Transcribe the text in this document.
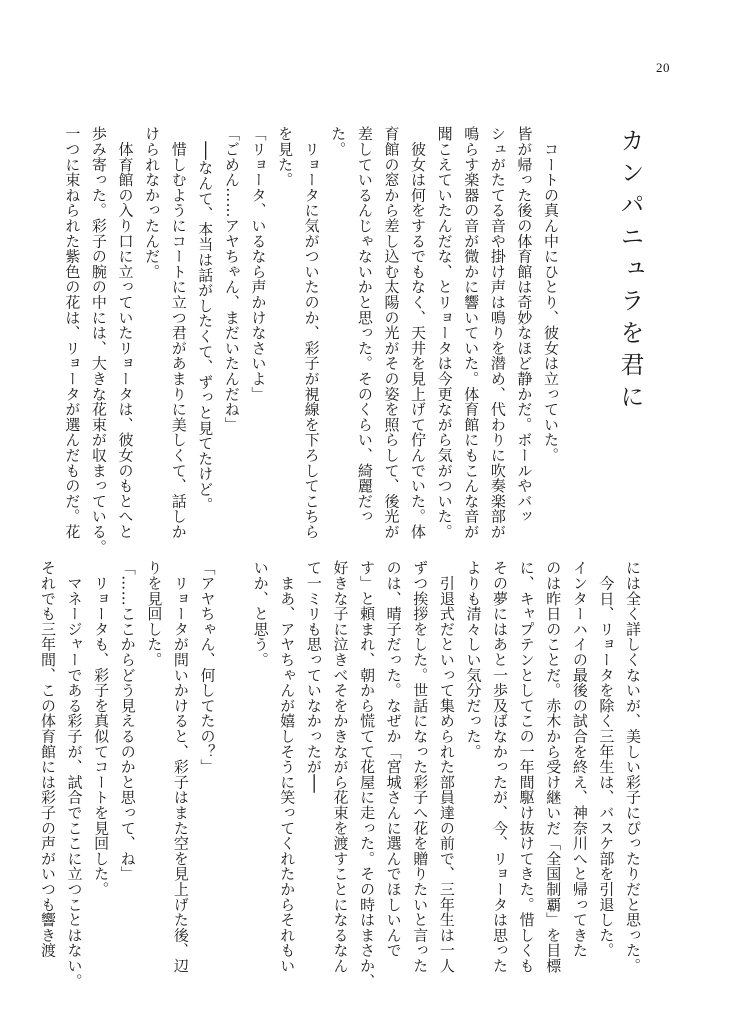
20
カンパニュラを君に
　コートの真ん中にひとり、彼女は立っていた。
皆が帰った後の体育館は奇妙なほど静かだ。ボールやバッ
シュがたてる音や掛け声は鳴りを潜め、代わりに吹奏楽部が
鳴らす楽器の音が微かに響いていた。体育館にもこんな音が
聞こえていたんだな、とリョータは今更ながら気がついた。
　彼女は何をするでもなく、天井を見上げて佇んでいた。体
育館の窓から差し込む太陽の光がその姿を照らして、後光が
差しているんじゃないかと思った。そのくらい、綺麗だっ
た。
　リョータに気がついたのか、彩子が視線を下ろしてこちら
を見た。
「リョータ、いるなら声かけなさいよ」
「ごめん……アヤちゃん、まだいたんだね」
　──なんて、本当は話がしたくて、ずっと見てたけど。
　惜しむようにコートに立つ君があまりに美しくて、話しか
けられなかったんだ。
　体育館の入り口に立っていたリョータは、彼女のもとへと
歩み寄った。彩子の腕の中には、大きな花束が収まっている。
一つに束ねられた紫色の花は、リョータが選んだものだ。花
には全く詳しくないが、美しい彩子にぴったりだと思った。
　今日、リョータを除く三年生は、バスケ部を引退した。
インターハイの最後の試合を終え、神奈川へと帰ってきた
のは昨日のことだ。赤木から受け継いだ「全国制覇」を目標
に、キャプテンとしてこの一年間駆け抜けてきた。惜しくも
その夢にはあと一歩及ばなかったが、今、リョータは思った
よりも清々しい気分だった。
　引退式だといって集められた部員達の前で、三年生は一人
ずつ挨拶をした。世話になった彩子へ花を贈りたいと言った
のは、晴子だった。なぜか「宮城さんに選んでほしいんで
す」と頼まれ、朝から慌てて花屋に走った。その時はまさか、
好きな子に泣きべそをかきながら花束を渡すことになるなん
て一ミリも思っていなかったが──
　まあ、アヤちゃんが嬉しそうに笑ってくれたからそれもい
いか、と思う。

「アヤちゃん、何してたの？」
　リョータが問いかけると、彩子はまた空を見上げた後、辺
りを見回した。
「……ここからどう見えるのかと思って、ね」
　リョータも、彩子を真似てコートを見回した。
　マネージャーである彩子が、試合でここに立つことはない。
それでも三年間、この体育館には彩子の声がいつも響き渡
